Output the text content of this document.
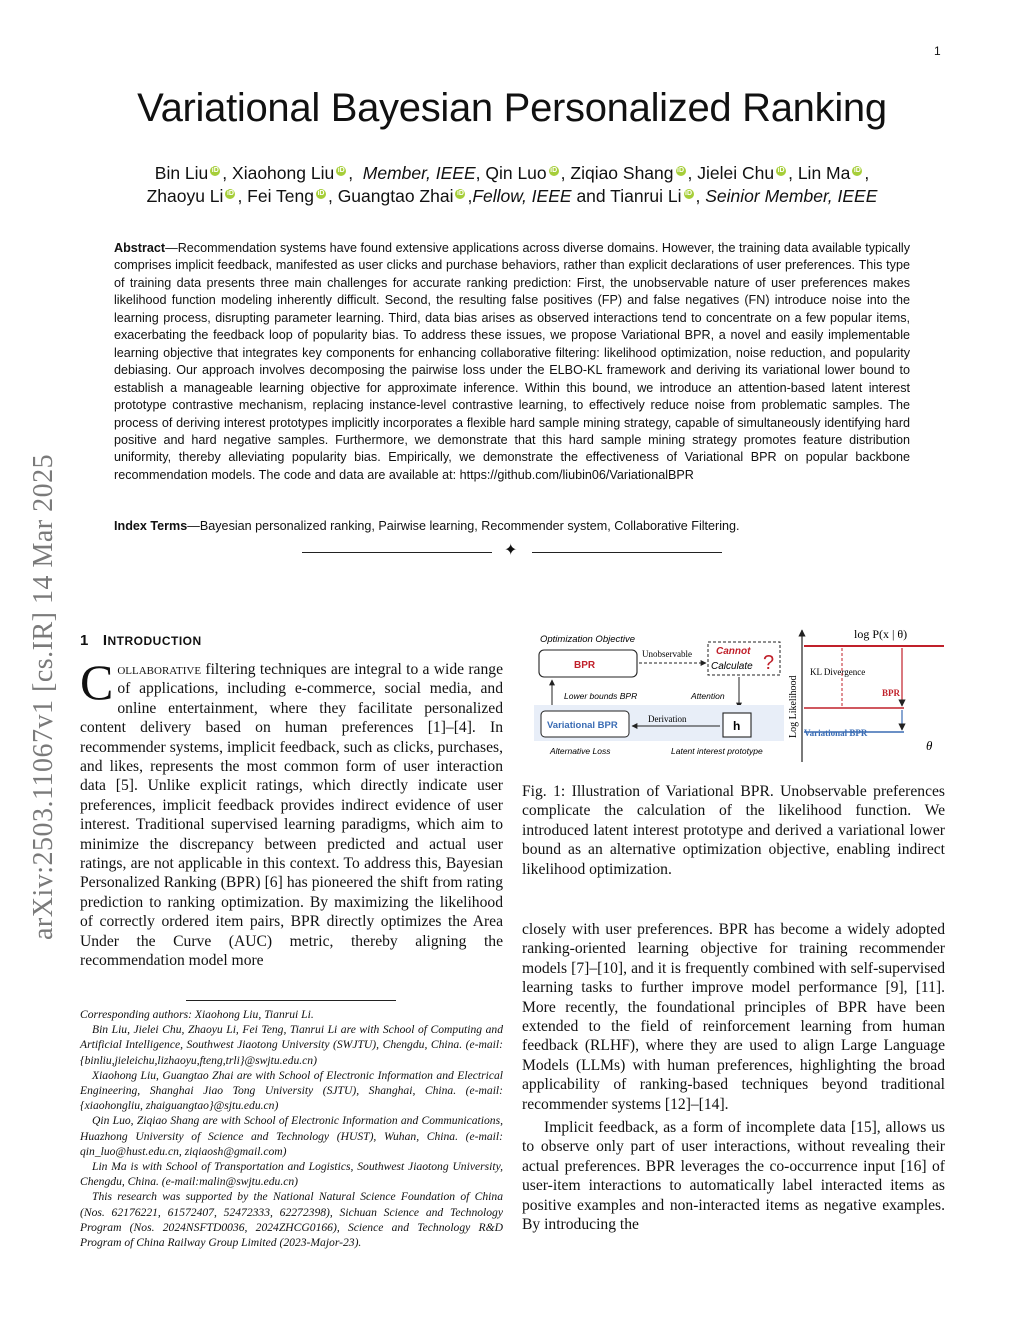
1
arXiv:2503.11067v1 [cs.IR] 14 Mar 2025
Variational Bayesian Personalized Ranking
Bin Liu iD , Xiaohong Liu iD ,  Member, IEEE, Qin Luo iD , Ziqiao Shang iD , Jielei Chu iD , Lin Ma iD ,
Zhaoyu Li iD , Fei Teng iD , Guangtao Zhai iD ,Fellow, IEEE and Tianrui Li iD , Seinior Member, IEEE
Abstract—Recommendation systems have found extensive applications across diverse domains. However, the training data available typically comprises implicit feedback, manifested as user clicks and purchase behaviors, rather than explicit declarations of user preferences. This type of training data presents three main challenges for accurate ranking prediction: First, the unobservable nature of user preferences makes likelihood function modeling inherently difficult. Second, the resulting false positives (FP) and false negatives (FN) introduce noise into the learning process, disrupting parameter learning. Third, data bias arises as observed interactions tend to concentrate on a few popular items, exacerbating the feedback loop of popularity bias. To address these issues, we propose Variational BPR, a novel and easily implementable learning objective that integrates key components for enhancing collaborative filtering: likelihood optimization, noise reduction, and popularity debiasing. Our approach involves decomposing the pairwise loss under the ELBO-KL framework and deriving its variational lower bound to establish a manageable learning objective for approximate inference. Within this bound, we introduce an attention-based latent interest prototype contrastive mechanism, replacing instance-level contrastive learning, to effectively reduce noise from problematic samples. The process of deriving interest prototypes implicitly incorporates a flexible hard sample mining strategy, capable of simultaneously identifying hard positive and hard negative samples. Furthermore, we demonstrate that this hard sample mining strategy promotes feature distribution uniformity, thereby alleviating popularity bias. Empirically, we demonstrate the effectiveness of Variational BPR on popular backbone recommendation models. The code and data are available at: https://github.com/liubin06/VariationalBPR
Index Terms—Bayesian personalized ranking, Pairwise learning, Recommender system, Collaborative Filtering.
✦
1 INTRODUCTION
Collaborative filtering techniques are integral to a wide range of applications, including e-commerce, social media, and online entertainment, where they facilitate personalized content delivery based on human preferences [1]–[4]. In recommender systems, implicit feedback, such as clicks, purchases, and likes, represents the most common form of user interaction data [5]. Unlike explicit ratings, which directly indicate user preferences, implicit feedback provides indirect evidence of user interest. Traditional supervised learning paradigms, which aim to minimize the discrepancy between predicted and actual user ratings, are not applicable in this context. To address this, Bayesian Personalized Ranking (BPR) [6] has pioneered the shift from rating prediction to ranking optimization. By maximizing the likelihood of correctly ordered item pairs, BPR directly optimizes the Area Under the Curve (AUC) metric, thereby aligning the recommendation model more

Corresponding authors: Xiaohong Liu, Tianrui Li.

Bin Liu, Jielei Chu, Zhaoyu Li, Fei Teng, Tianrui Li are with School of Computing and Artificial Intelligence, Southwest Jiaotong University (SWJTU), Chengdu, China. (e-mail: {binliu,jieleichu,lizhaoyu,fteng,trli}@swjtu.edu.cn)

Xiaohong Liu, Guangtao Zhai are with School of Electronic Information and Electrical Engineering, Shanghai Jiao Tong University (SJTU), Shanghai, China. (e-mail: {xiaohongliu, zhaiguangtao}@sjtu.edu.cn)

Qin Luo, Ziqiao Shang are with School of Electronic Information and Communications, Huazhong University of Science and Technology (HUST), Wuhan, China. (e-mail: qin_luo@hust.edu.cn, ziqiaosh@gmail.com)

Lin Ma is with School of Transportation and Logistics, Southwest Jiaotong University, Chengdu, China. (e-mail:malin@swjtu.edu.cn)

This research was supported by the National Natural Science Foundation of China (Nos. 62176221, 61572407, 52472333, 62272398), Sichuan Science and Technology Program (Nos. 2024NSFTD0036, 2024ZHCG0166), Science and Technology R&D Program of China Railway Group Limited (2023-Major-23).

Optimization Objective
BPR
Unobservable Cannot
Calculate ?
Lower bounds BPR	Attention
Variational BPR
Derivation	h
Alternative Loss	Latent interest prototype
Log Likelihood
log P(x | θ)
KL Divergence
BPR
Variational BPR
θ
Fig. 1: Illustration of Variational BPR. Unobservable preferences complicate the calculation of the likelihood function. We introduced latent interest prototype and derived a variational lower bound as an alternative optimization objective, enabling indirect likelihood optimization.

closely with user preferences. BPR has become a widely adopted ranking-oriented learning objective for training recommender models [7]–[10], and it is frequently combined with self-supervised learning tasks to further improve model performance [9], [11]. More recently, the foundational principles of BPR have been extended to the field of reinforcement learning from human feedback (RLHF), where they are used to align Large Language Models (LLMs) with human preferences, highlighting the broad applicability of ranking-based techniques beyond traditional recommender systems [12]–[14].

Implicit feedback, as a form of incomplete data [15], allows us to observe only part of user interactions, without revealing their actual preferences. BPR leverages the co-occurrence input [16] of user-item interactions to automatically label interacted items as positive examples and non-interacted items as negative examples. By introducing the
